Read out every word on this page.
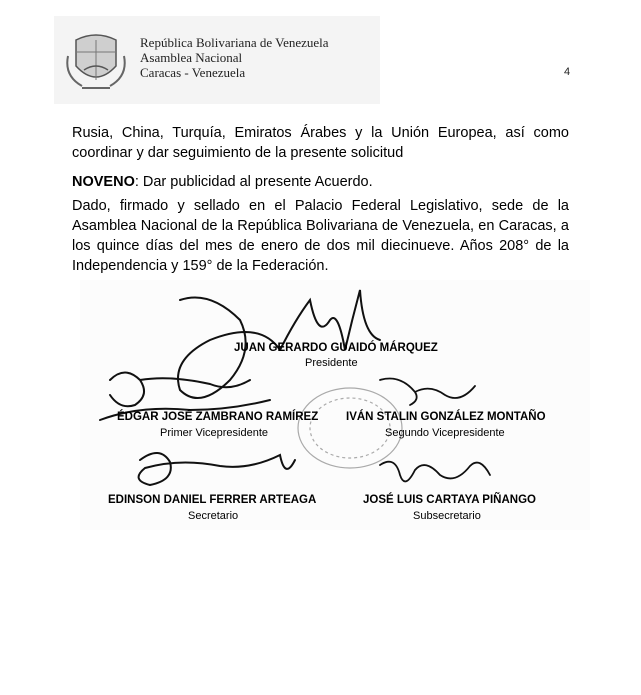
República Bolivariana de Venezuela
Asamblea Nacional
Caracas - Venezuela	4
Rusia, China, Turquía, Emiratos Árabes y la Unión Europea, así como coordinar y dar seguimiento de la presente solicitud
NOVENO: Dar publicidad al presente Acuerdo.
Dado, firmado y sellado en el Palacio Federal Legislativo, sede de la Asamblea Nacional de la República Bolivariana de Venezuela, en Caracas, a los quince días del mes de enero de dos mil diecinueve. Años 208° de la Independencia y 159° de la Federación.
JUAN GERARDO GUAIDÓ MÁRQUEZ
Presidente
ÉDGAR JOSÉ ZAMBRANO RAMÍREZ
Primer Vicepresidente
IVÁN STALIN GONZÁLEZ MONTAÑO
Segundo Vicepresidente
EDINSON DANIEL FERRER ARTEAGA
Secretario
JOSÉ LUIS CARTAYA PIÑANGO
Subsecretario
